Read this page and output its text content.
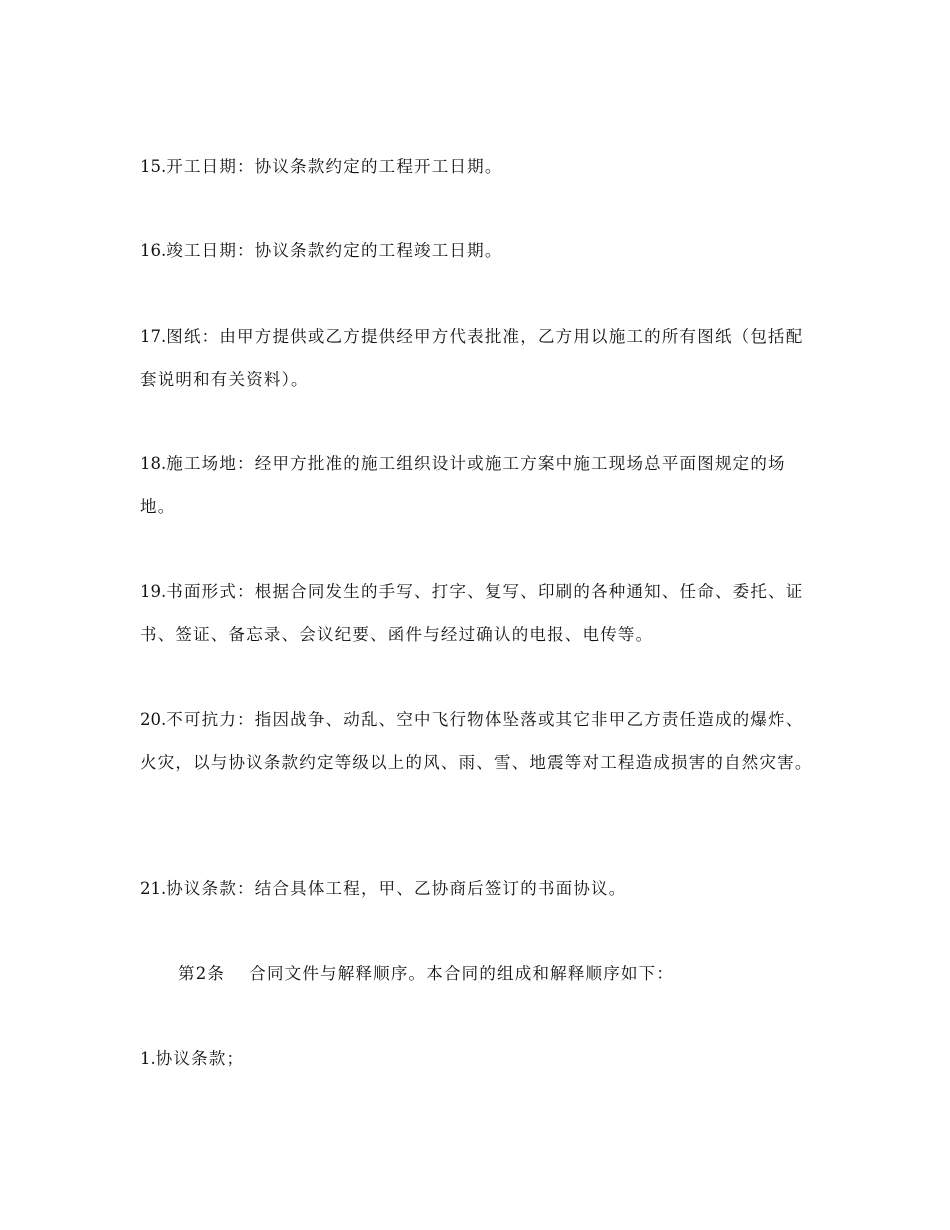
15.开工日期：协议条款约定的工程开工日期。

16.竣工日期：协议条款约定的工程竣工日期。

17.图纸：由甲方提供或乙方提供经甲方代表批准，乙方用以施工的所有图纸（包括配套说明和有关资料）。

18.施工场地：经甲方批准的施工组织设计或施工方案中施工现场总平面图规定的场地。

19.书面形式：根据合同发生的手写、打字、复写、印刷的各种通知、任命、委托、证书、签证、备忘录、会议纪要、函件与经过确认的电报、电传等。

20.不可抗力：指因战争、动乱、空中飞行物体坠落或其它非甲乙方责任造成的爆炸、火灾，以与协议条款约定等级以上的风、雨、雪、地震等对工程造成损害的自然灾害。

21.协议条款：结合具体工程，甲、乙协商后签订的书面协议。

第2条　 合同文件与解释顺序。本合同的组成和解释顺序如下：

1.协议条款；
